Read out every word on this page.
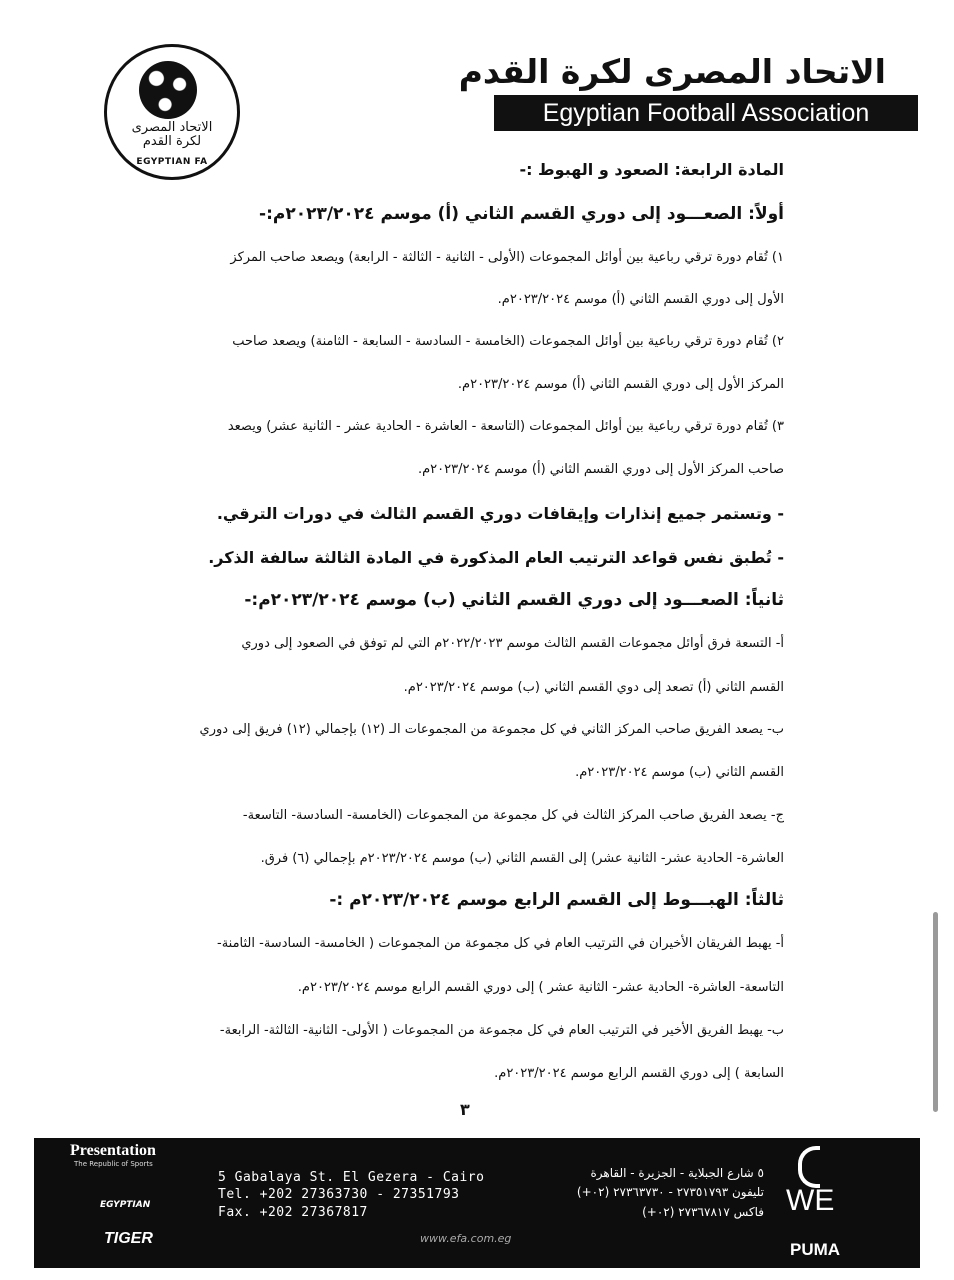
الاتحاد المصرى
لكرة القدم
EGYPTIAN FA
الاتحاد المصرى لكرة القدم
Egyptian Football Association
المادة الرابعة: الصعود و الهبوط :-
أولاً: الصعـــود إلى دوري القسم الثاني (أ) موسم ٢٠٢٣/٢٠٢٤م:-
١) تُقام دورة ترقي رباعية بين أوائل المجموعات (الأولى - الثانية - الثالثة - الرابعة) ويصعد صاحب المركز
الأول إلى دوري القسم الثاني (أ) موسم ٢٠٢٣/٢٠٢٤م.
٢) تُقام دورة ترقي رباعية بين أوائل المجموعات (الخامسة - السادسة - السابعة - الثامنة) ويصعد صاحب
المركز الأول إلى دوري القسم الثاني (أ) موسم ٢٠٢٣/٢٠٢٤م.
٣) تُقام دورة ترقي رباعية بين أوائل المجموعات (التاسعة - العاشرة - الحادية عشر - الثانية عشر) ويصعد
صاحب المركز الأول إلى دوري القسم الثاني (أ) موسم ٢٠٢٣/٢٠٢٤م.
- وتستمر جميع إنذارات وإيقافات دوري القسم الثالث في دورات الترقي.
- تُطبق نفس قواعد الترتيب العام المذكورة في المادة الثالثة سالفة الذكر.
ثانياً: الصعـــود إلى دوري القسم الثاني (ب) موسم ٢٠٢٣/٢٠٢٤م:-
أ- التسعة فرق أوائل مجموعات القسم الثالث موسم ٢٠٢٢/٢٠٢٣م التي لم توفق في الصعود إلى دوري
القسم الثاني (أ) تصعد إلى دوي القسم الثاني (ب) موسم ٢٠٢٣/٢٠٢٤م.
ب- يصعد الفريق صاحب المركز الثاني في كل مجموعة من المجموعات الـ (١٢) بإجمالي (١٢) فريق إلى دوري
القسم الثاني (ب) موسم ٢٠٢٣/٢٠٢٤م.
ج- يصعد الفريق صاحب المركز الثالث في كل مجموعة من المجموعات (الخامسة- السادسة- التاسعة-
العاشرة- الحادية عشر- الثانية عشر) إلى القسم الثاني (ب) موسم ٢٠٢٣/٢٠٢٤م بإجمالي (٦) فرق.
ثالثاً: الهبـــوط إلى القسم الرابع موسم ٢٠٢٣/٢٠٢٤م :-
أ- يهبط الفريقان الأخيران في الترتيب العام في كل مجموعة من المجموعات ( الخامسة- السادسة- الثامنة-
التاسعة- العاشرة- الحادية عشر- الثانية عشر ) إلى دوري القسم الرابع موسم ٢٠٢٣/٢٠٢٤م.
ب- يهبط الفريق الأخير في الترتيب العام في كل مجموعة من المجموعات ( الأولى- الثانية- الثالثة- الرابعة-
السابعة ) إلى دوري القسم الرابع موسم ٢٠٢٣/٢٠٢٤م.
٣
Presentation
The Republic of Sports
EGYPTIAN
TIGER
5 Gabalaya St. El Gezera - Cairo
Tel. +202 27363730 - 27351793
Fax. +202 27367817
٥ شارع الجبلاية - الجزيرة - القاهرة
تليفون ٢٧٣٥١٧٩٣ - ٢٧٣٦٣٧٣٠ (٠٢+)
فاكس ٢٧٣٦٧٨١٧ (٠٢+)
www.efa.com.eg
WE
PUMA
